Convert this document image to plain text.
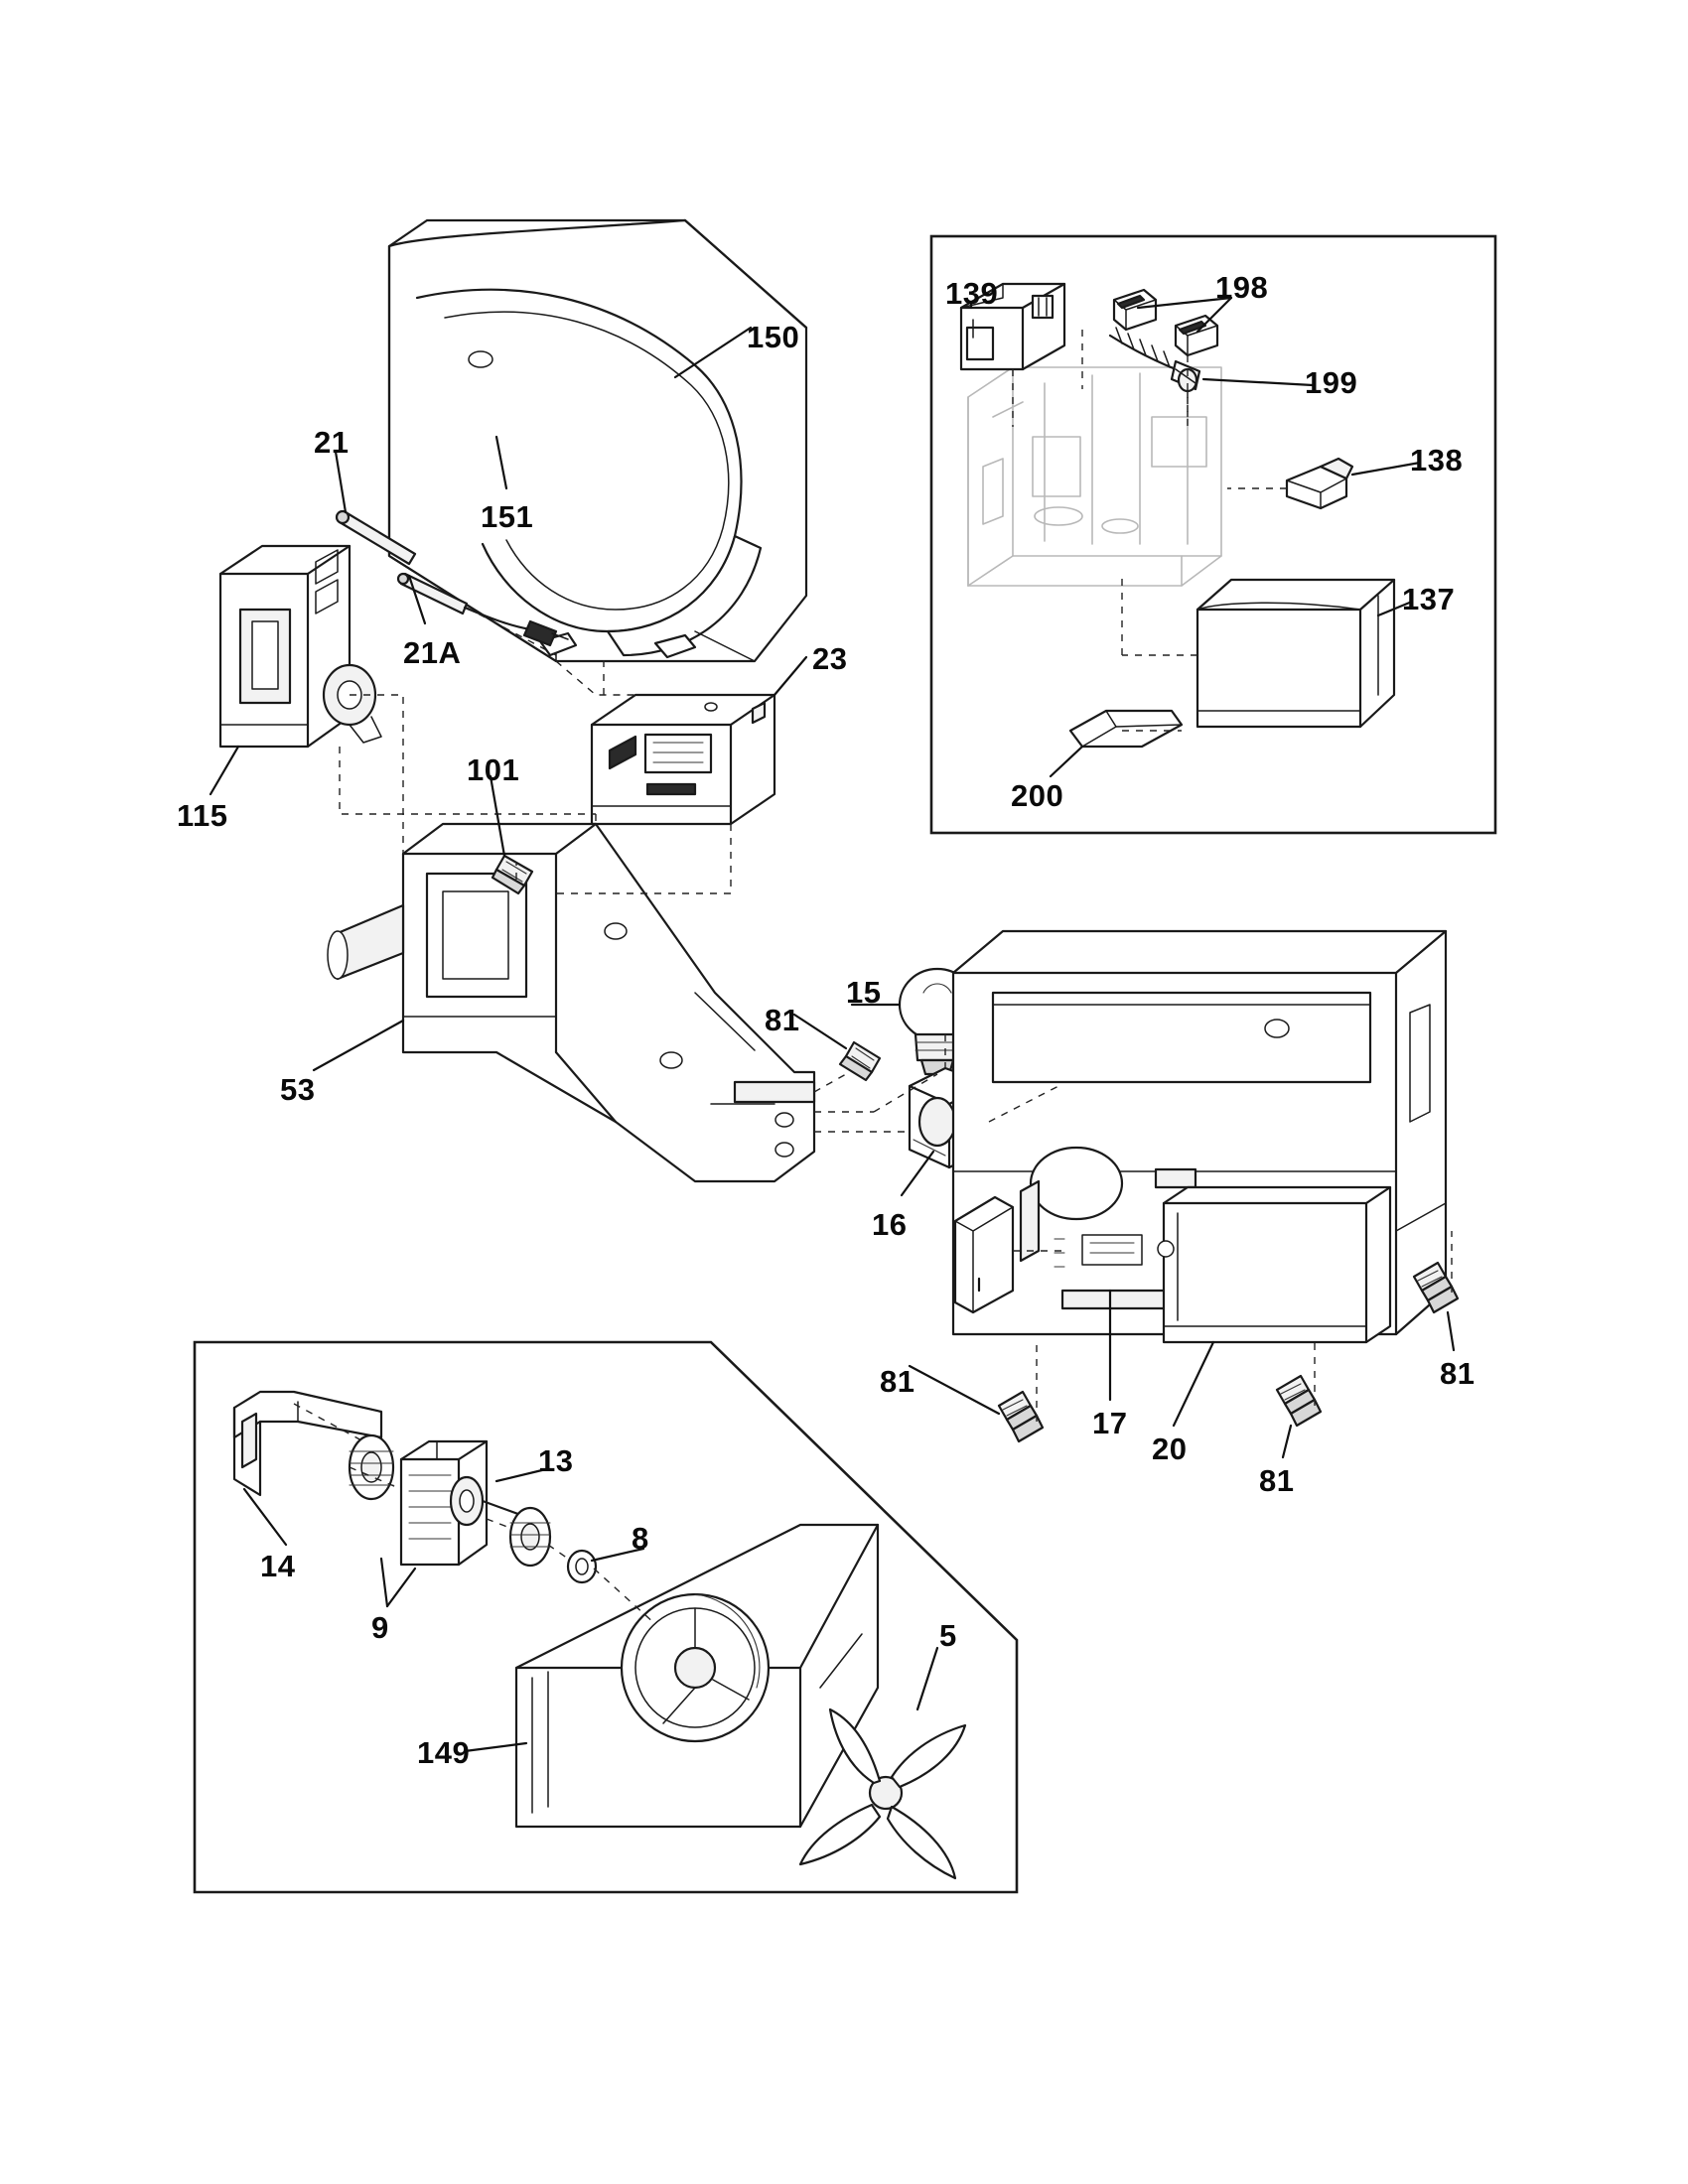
150
151
21
21A
115
23
101
53
81
15
16
81
17
20
81
81
139	198
199
138
137
200
14
13
9
8
5
149
